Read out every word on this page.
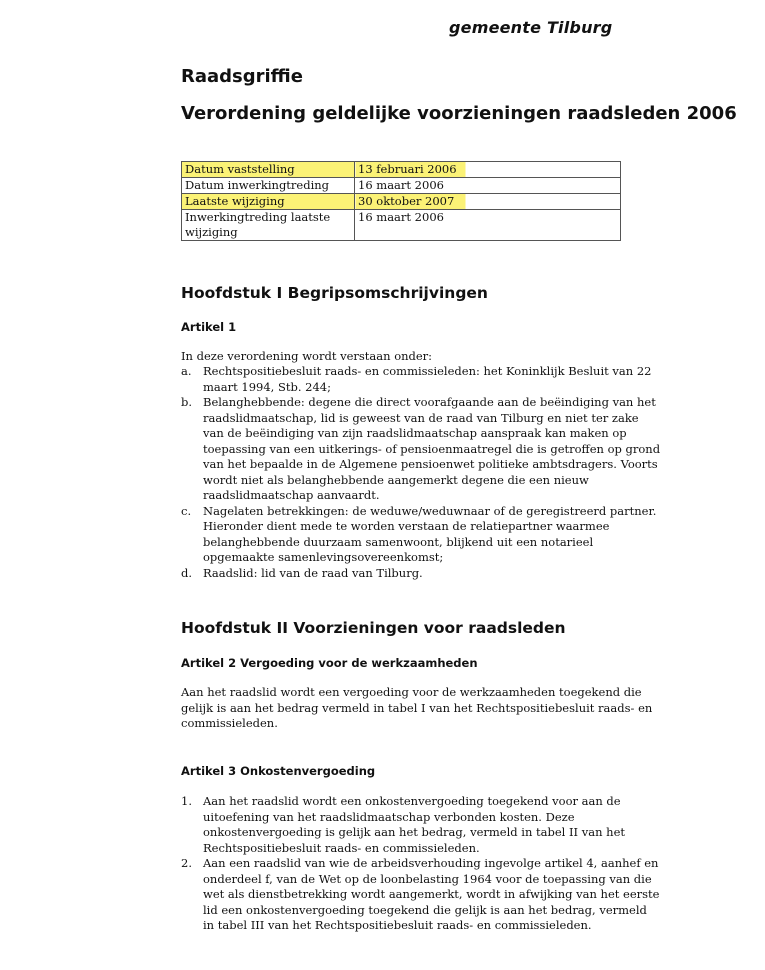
gemeente Tilburg
Raadsgriffie
Verordening geldelijke voorzieningen raadsleden 2006
Datum vaststelling	13 februari 2006
Datum inwerkingtreding	16 maart 2006
Laatste wijziging	30 oktober 2007
Inwerkingtreding laatste wijziging	16 maart 2006
Hoofdstuk I Begripsomschrijvingen
Artikel 1
In deze verordening wordt verstaan onder:
a. Rechtspositiebesluit raads- en commissieleden: het Koninklijk Besluit van 22 maart 1994, Stb. 244;
b. Belanghebbende: degene die direct voorafgaande aan de beëindiging van het raadslidmaatschap, lid is geweest van de raad van Tilburg en niet ter zake van de beëindiging van zijn raadslidmaatschap aanspraak kan maken op toepassing van een uitkerings- of pensioenmaatregel die is getroffen op grond van het bepaalde in de Algemene pensioenwet politieke ambtsdragers. Voorts wordt niet als belanghebbende aangemerkt degene die een nieuw raadslidmaatschap aanvaardt.
c. Nagelaten betrekkingen: de weduwe/weduwnaar of de geregistreerd partner. Hieronder dient mede te worden verstaan de relatiepartner waarmee belanghebbende duurzaam samenwoont, blijkend uit een notarieel opgemaakte samenlevingsovereenkomst;
d. Raadslid: lid van de raad van Tilburg.
Hoofdstuk II Voorzieningen voor raadsleden
Artikel 2 Vergoeding voor de werkzaamheden
Aan het raadslid wordt een vergoeding voor de werkzaamheden toegekend die gelijk is aan het bedrag vermeld in tabel I van het Rechtspositiebesluit raads- en commissieleden.
Artikel 3 Onkostenvergoeding
1. Aan het raadslid wordt een onkostenvergoeding toegekend voor aan de uitoefening van het raadslidmaatschap verbonden kosten. Deze onkostenvergoeding is gelijk aan het bedrag, vermeld in tabel II van het Rechtspositiebesluit raads- en commissieleden.
2. Aan een raadslid van wie de arbeidsverhouding ingevolge artikel 4, aanhef en onderdeel f, van de Wet op de loonbelasting 1964 voor de toepassing van die wet als dienstbetrekking wordt aangemerkt, wordt in afwijking van het eerste lid een onkostenvergoeding toegekend die gelijk is aan het bedrag, vermeld in tabel III van het Rechtspositiebesluit raads- en commissieleden.
